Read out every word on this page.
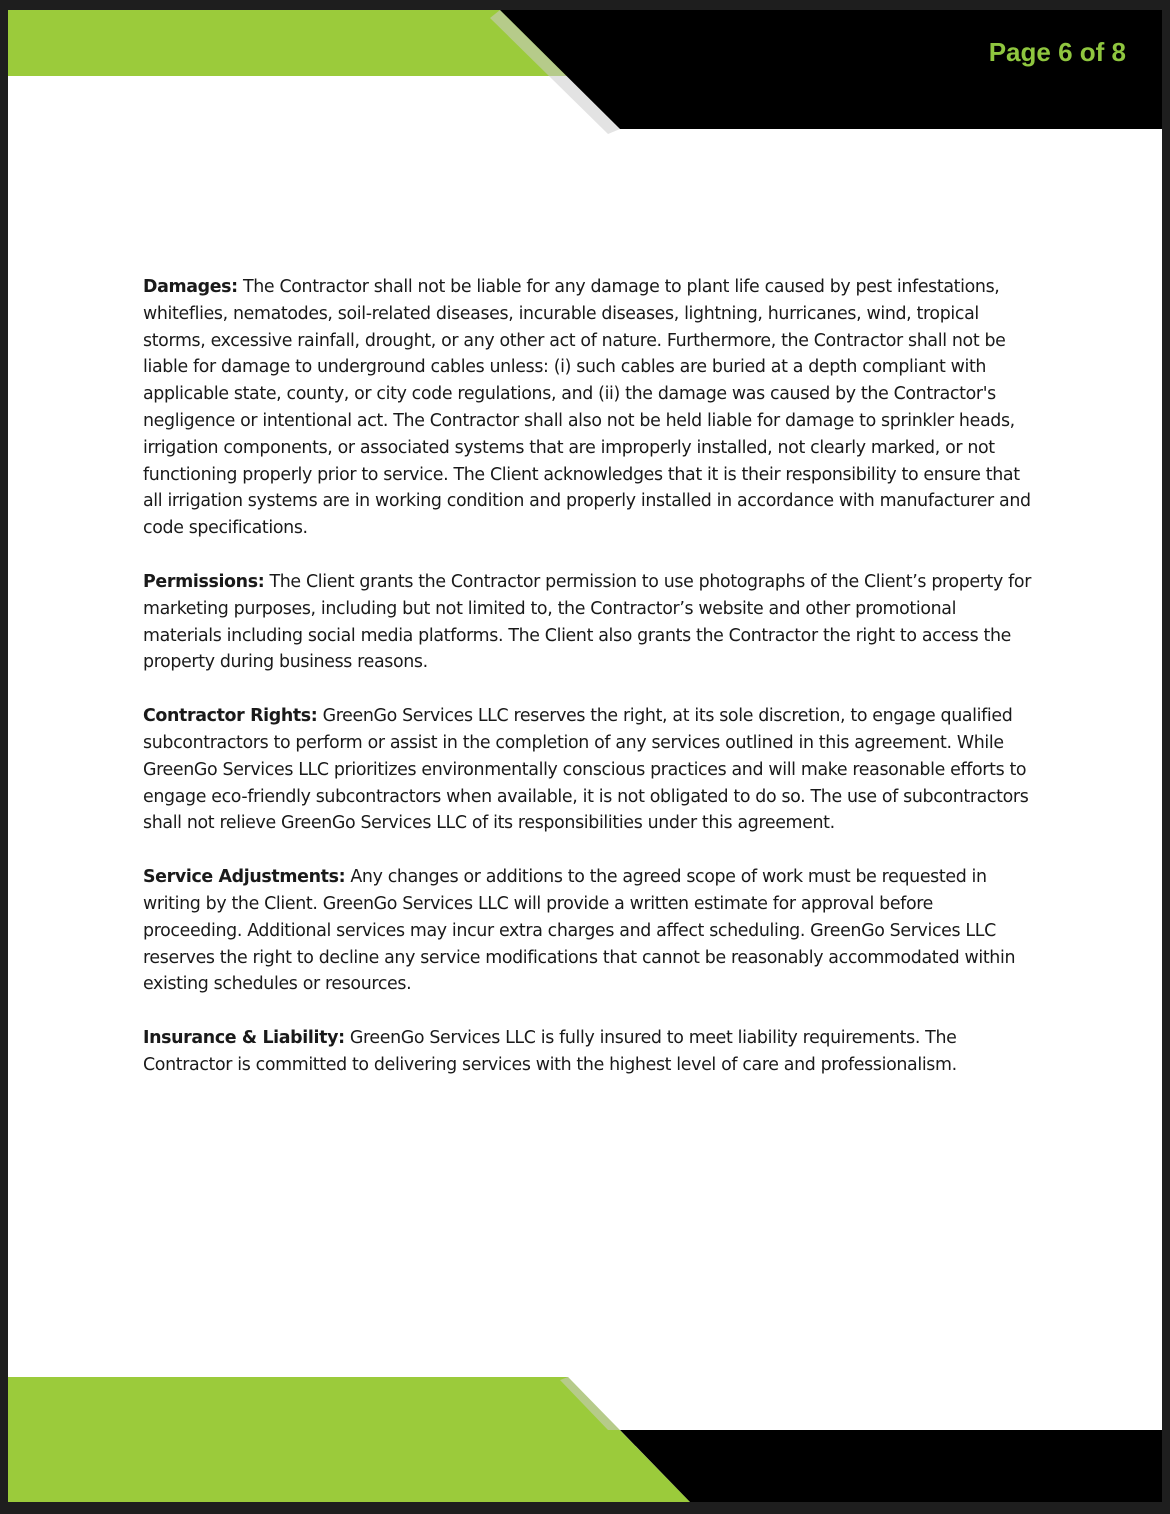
Page 6 of 8

Damages: The Contractor shall not be liable for any damage to plant life caused by pest infestations, whiteflies, nematodes, soil-related diseases, incurable diseases, lightning, hurricanes, wind, tropical storms, excessive rainfall, drought, or any other act of nature. Furthermore, the Contractor shall not be liable for damage to underground cables unless: (i) such cables are buried at a depth compliant with applicable state, county, or city code regulations, and (ii) the damage was caused by the Contractor's negligence or intentional act. The Contractor shall also not be held liable for damage to sprinkler heads, irrigation components, or associated systems that are improperly installed, not clearly marked, or not functioning properly prior to service. The Client acknowledges that it is their responsibility to ensure that all irrigation systems are in working condition and properly installed in accordance with manufacturer and code specifications.

Permissions: The Client grants the Contractor permission to use photographs of the Client’s property for marketing purposes, including but not limited to, the Contractor’s website and other promotional materials including social media platforms. The Client also grants the Contractor the right to access the property during business reasons.

Contractor Rights: GreenGo Services LLC reserves the right, at its sole discretion, to engage qualified subcontractors to perform or assist in the completion of any services outlined in this agreement. While GreenGo Services LLC prioritizes environmentally conscious practices and will make reasonable efforts to engage eco-friendly subcontractors when available, it is not obligated to do so. The use of subcontractors shall not relieve GreenGo Services LLC of its responsibilities under this agreement.

Service Adjustments: Any changes or additions to the agreed scope of work must be requested in writing by the Client. GreenGo Services LLC will provide a written estimate for approval before proceeding. Additional services may incur extra charges and affect scheduling. GreenGo Services LLC reserves the right to decline any service modifications that cannot be reasonably accommodated within existing schedules or resources.

Insurance & Liability: GreenGo Services LLC is fully insured to meet liability requirements. The Contractor is committed to delivering services with the highest level of care and professionalism.
